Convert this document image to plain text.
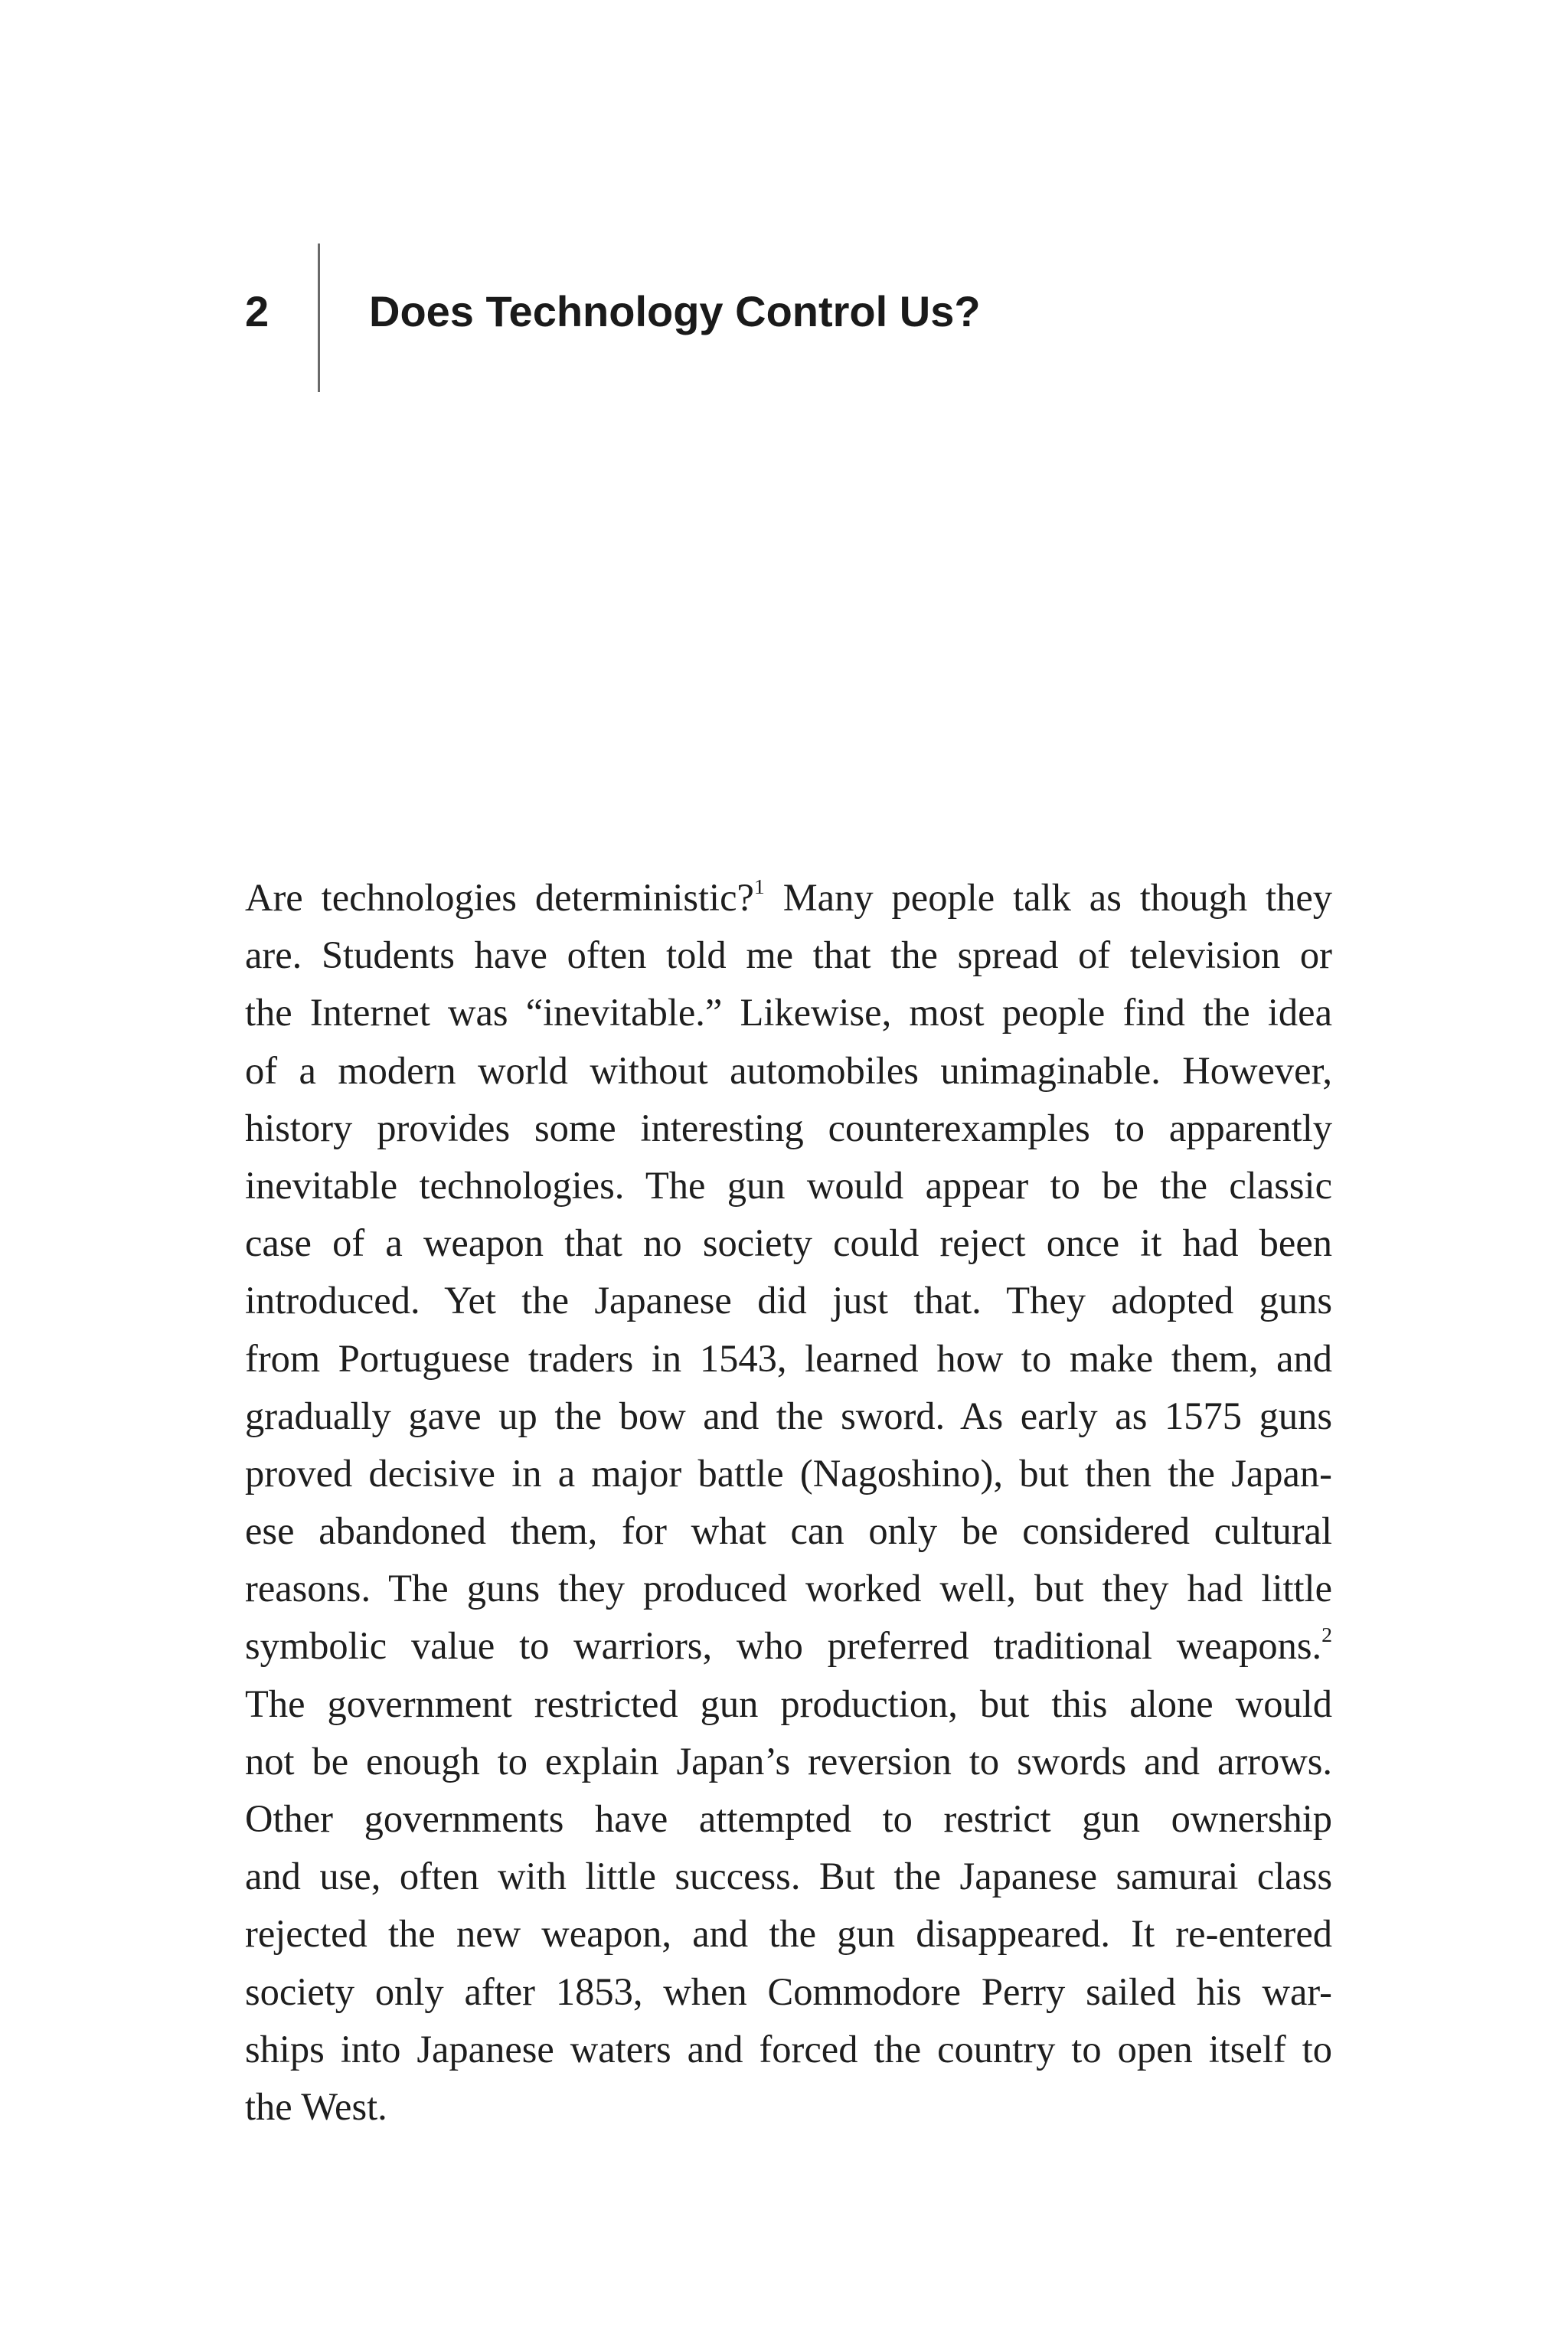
2 Does Technology Control Us?
Are technologies deterministic?$^1$ Many people talk as though they
are. Students have often told me that the spread of television or
the Internet was “inevitable.” Likewise, most people find the idea
of a modern world without automobiles unimaginable. However,
history provides some interesting counterexamples to apparently
inevitable technologies. The gun would appear to be the classic
case of a weapon that no society could reject once it had been
introduced. Yet the Japanese did just that. They adopted guns
from Portuguese traders in 1543, learned how to make them, and
gradually gave up the bow and the sword. As early as 1575 guns
proved decisive in a major battle (Nagoshino), but then the Japan-
ese abandoned them, for what can only be considered cultural
reasons. The guns they produced worked well, but they had little
symbolic value to warriors, who preferred traditional weapons.$^2$
The government restricted gun production, but this alone would
not be enough to explain Japan’s reversion to swords and arrows.
Other governments have attempted to restrict gun ownership
and use, often with little success. But the Japanese samurai class
rejected the new weapon, and the gun disappeared. It re-entered
society only after 1853, when Commodore Perry sailed his war-
ships into Japanese waters and forced the country to open itself to
the West.
